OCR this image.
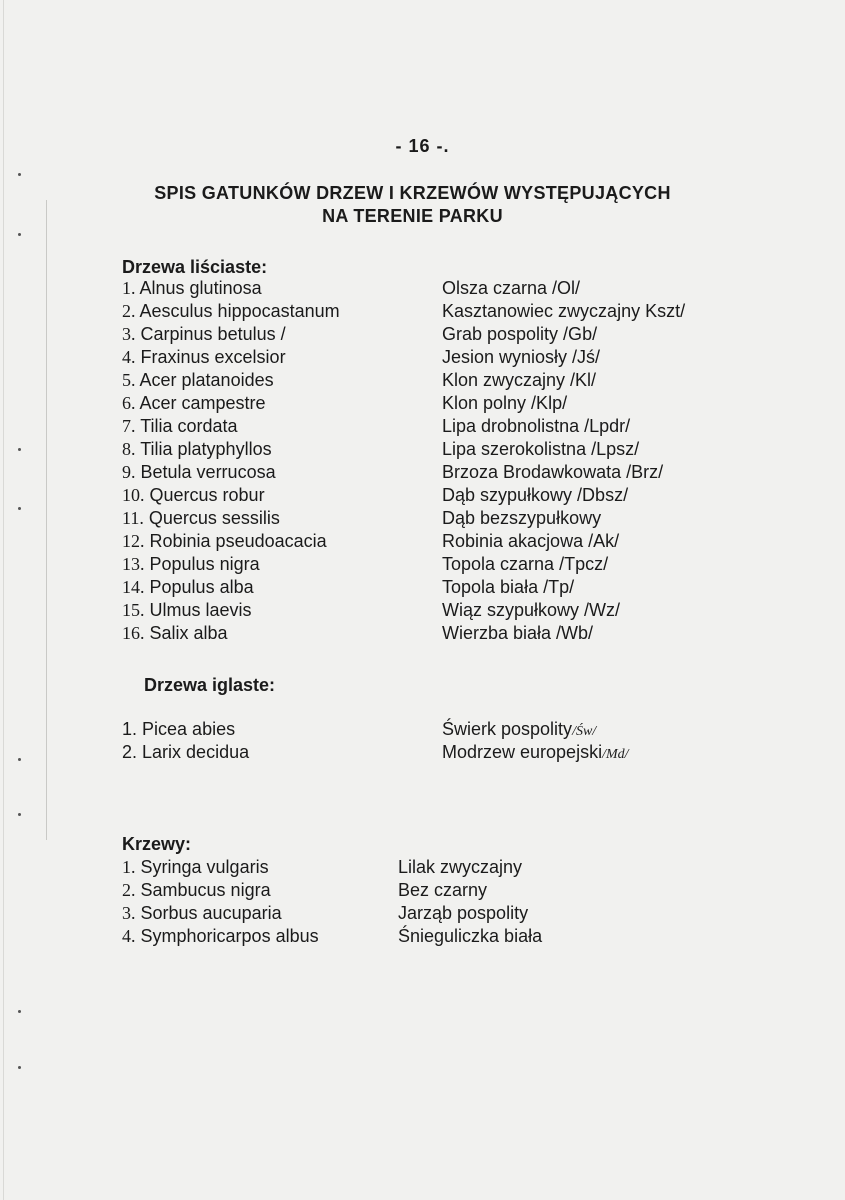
- 16 -.
SPIS GATUNKÓW DRZEW I KRZEWÓW WYSTĘPUJĄCYCH
NA TERENIE PARKU
Drzewa liściaste:
1. Alnus glutinosa	Olsza czarna /Ol/
2. Aesculus hippocastanum	Kasztanowiec zwyczajny Kszt/
3. Carpinus betulus /	Grab pospolity /Gb/
4. Fraxinus excelsior	Jesion wyniosły /Jś/
5. Acer platanoides	Klon zwyczajny /Kl/
6. Acer campestre	Klon polny /Klp/
7. Tilia cordata	Lipa drobnolistna /Lpdr/
8. Tilia platyphyllos	Lipa szerokolistna /Lpsz/
9. Betula verrucosa	Brzoza Brodawkowata /Brz/
10. Quercus robur	Dąb szypułkowy /Dbsz/
11. Quercus sessilis	Dąb bezszypułkowy
12. Robinia pseudoacacia	Robinia akacjowa /Ak/
13. Populus nigra	Topola czarna /Tpcz/
14. Populus alba	Topola biała /Tp/
15. Ulmus laevis	Wiąz szypułkowy /Wz/
16. Salix alba	Wierzba biała /Wb/
Drzewa iglaste:
1. Picea abies	Świerk pospolity/Św/
2. Larix decidua	Modrzew europejski/Md/
Krzewy:
1. Syringa vulgaris	Lilak zwyczajny
2. Sambucus nigra	Bez czarny
3. Sorbus aucuparia	Jarząb pospolity
4. Symphoricarpos albus	Śnieguliczka biała
